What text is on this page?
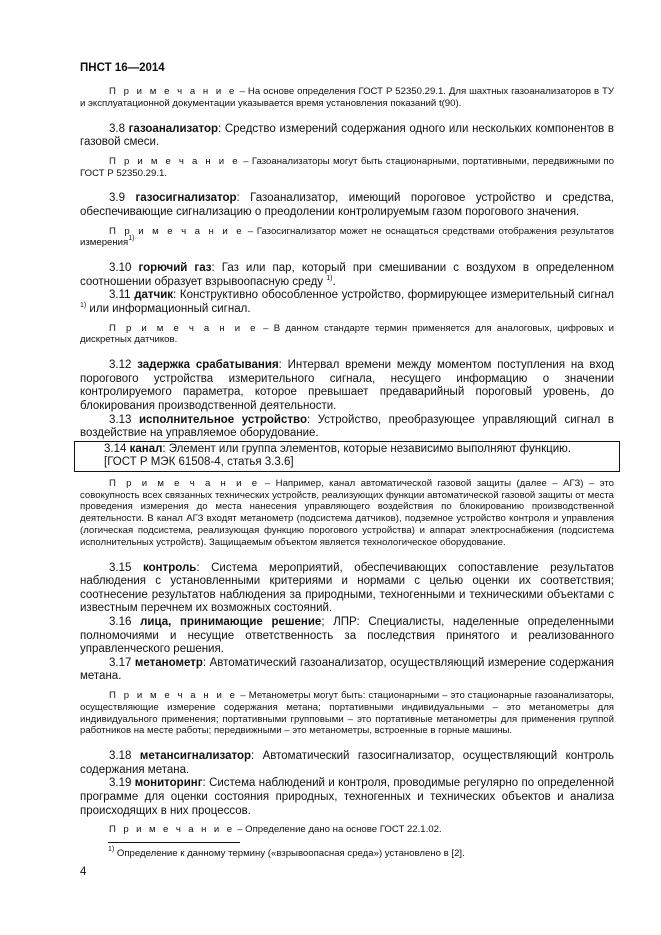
ПНСТ 16—2014

П р и м е ч а н и е – На основе определения ГОСТ Р 52350.29.1. Для шахтных газоанализаторов в ТУ и эксплуатационной документации указывается время установления показаний t(90).

3.8 газоанализатор: Средство измерений содержания одного или нескольких компонентов в газовой смеси.

П р и м е ч а н и е – Газоанализаторы могут быть стационарными, портативными, передвижными по ГОСТ Р 52350.29.1.

3.9 газосигнализатор: Газоанализатор, имеющий пороговое устройство и средства, обеспечивающие сигнализацию о преодолении контролируемым газом порогового значения.

П р и м е ч а н и е – Газосигнализатор может не оснащаться средствами отображения результатов измерения$^{1)}$

3.10 горючий газ: Газ или пар, который при смешивании с воздухом в определенном соотношении образует взрывоопасную среду $^{1)}$.

3.11 датчик: Конструктивно обособленное устройство, формирующее измерительный сигнал $^{1)}$ или информационный сигнал.

П р и м е ч а н и е – В данном стандарте термин применяется для аналоговых, цифровых и дискретных датчиков.

3.12 задержка срабатывания: Интервал времени между моментом поступления на вход порогового устройства измерительного сигнала, несущего информацию о значении контролируемого параметра, которое превышает предаварийный пороговый уровень, до блокирования производственной деятельности.

3.13 исполнительное устройство: Устройство, преобразующее управляющий сигнал в воздействие на управляемое оборудование.

3.14 канал: Элемент или группа элементов, которые независимо выполняют функцию.

[ГОСТ Р МЭК 61508-4, статья 3.3.6]

П р и м е ч а н и е – Например, канал автоматической газовой защиты (далее – АГЗ) – это совокупность всех связанных технических устройств, реализующих функции автоматической газовой защиты от места проведения измерения до места нанесения управляющего воздействия по блокированию производственной деятельности. В канал АГЗ входят метанометр (подсистема датчиков), подземное устройство контроля и управления (логическая подсистема, реализующая функцию порогового устройства) и аппарат электроснабжения (подсистема исполнительных устройств). Защищаемым объектом является технологическое оборудование.

3.15 контроль: Система мероприятий, обеспечивающих сопоставление результатов наблюдения с установленными критериями и нормами с целью оценки их соответствия; соотнесение результатов наблюдения за природными, техногенными и техническими объектами с известным перечнем их возможных состояний.

3.16 лица, принимающие решение; ЛПР: Специалисты, наделенные определенными полномочиями и несущие ответственность за последствия принятого и реализованного управленческого решения.

3.17 метанометр: Автоматический газоанализатор, осуществляющий измерение содержания метана.

П р и м е ч а н и е – Метанометры могут быть: стационарными – это стационарные газоанализаторы, осуществляющие измерение содержания метана; портативными индивидуальными – это метанометры для индивидуального применения; портативными групповыми – это портативные метанометры для применения группой работников на месте работы; передвижными – это метанометры, встроенные в горные машины.

3.18 метансигнализатор: Автоматический газосигнализатор, осуществляющий контроль содержания метана.

3.19 мониторинг: Система наблюдений и контроля, проводимые регулярно по определенной программе для оценки состояния природных, техногенных и технических объектов и анализа происходящих в них процессов.

П р и м е ч а н и е – Определение дано на основе ГОСТ 22.1.02.

$^{1)}$ Определение к данному термину («взрывоопасная среда») установлено в [2].
4
